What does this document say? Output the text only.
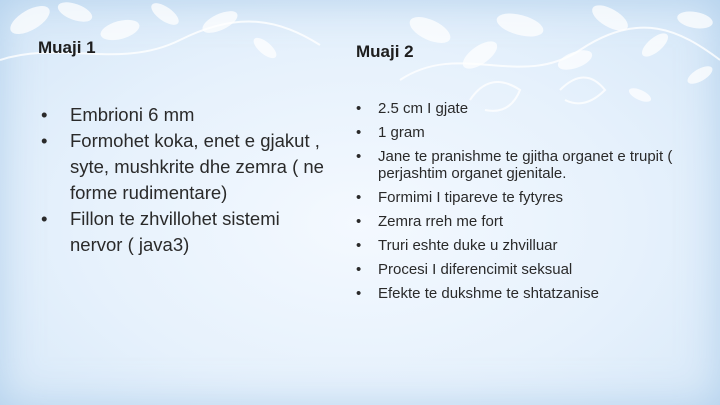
Muaji 1
• Embrioni 6 mm
• Formohet koka, enet e gjakut , syte, mushkrite dhe zemra ( ne forme rudimentare)
• Fillon te zhvillohet sistemi nervor ( java3)
Muaji 2
• 2.5 cm I gjate
• 1 gram
• Jane te pranishme te gjitha organet e trupit ( perjashtim organet gjenitale.
• Formimi I tipareve te fytyres
• Zemra rreh me fort
• Truri eshte duke u zhvilluar
• Procesi I diferencimit seksual
• Efekte te dukshme te shtatzanise
